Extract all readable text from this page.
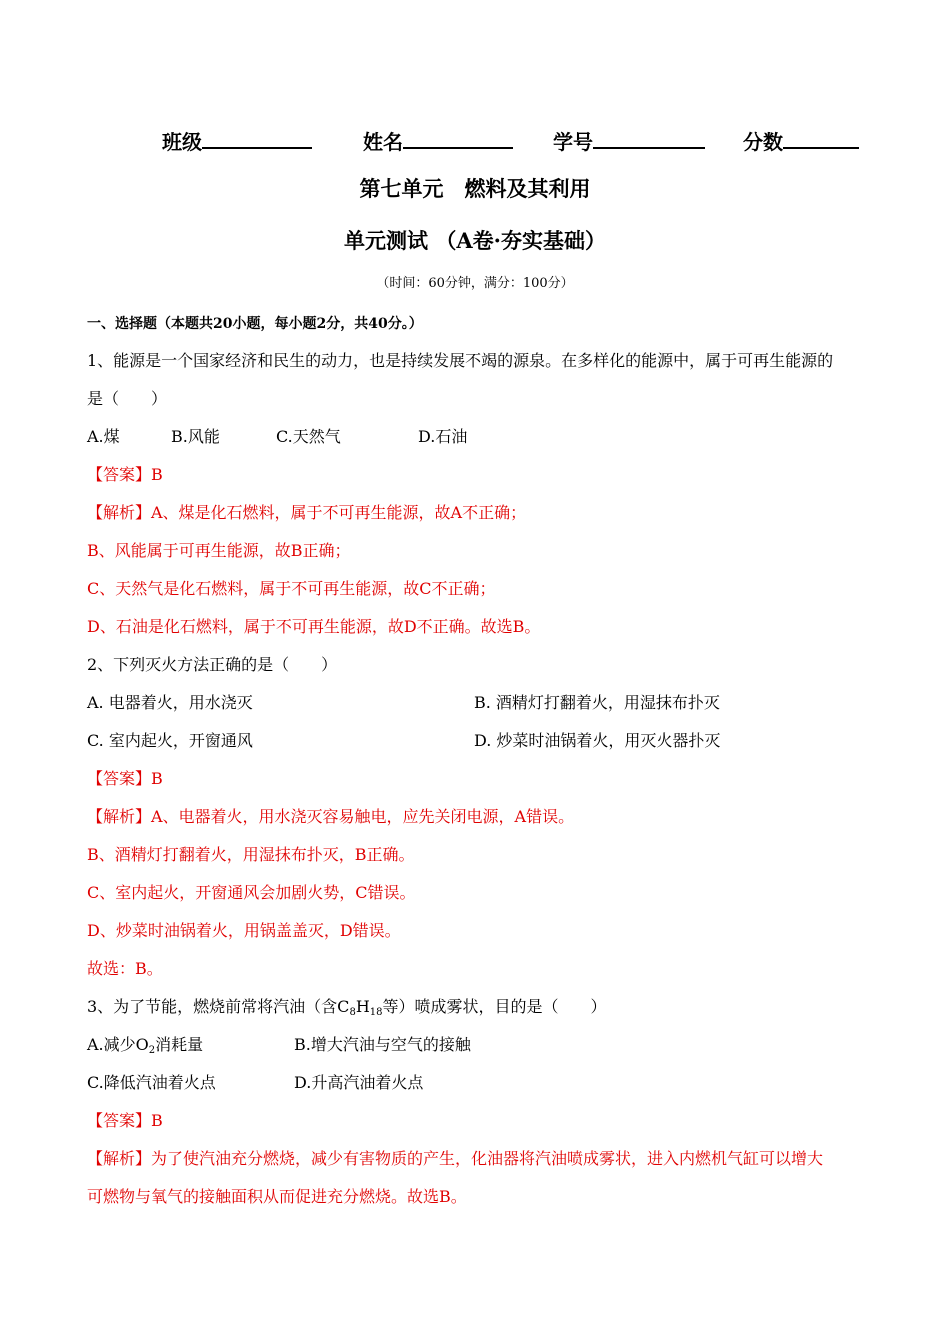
班级	姓名	学号	分数
第七单元　燃料及其利用
单元测试 （A卷·夯实基础）
（时间：60分钟，满分：100分）
一、选择题（本题共20小题，每小题2分，共40分。）
1、能源是一个国家经济和民生的动力，也是持续发展不竭的源泉。在多样化的能源中，属于可再生能源的
是（　　）
A.煤	B.风能	C.天然气	D.石油
【答案】B
【解析】A、煤是化石燃料，属于不可再生能源，故A不正确；
B、风能属于可再生能源，故B正确；
C、天然气是化石燃料，属于不可再生能源，故C不正确；
D、石油是化石燃料，属于不可再生能源，故D不正确。故选B。
2、下列灭火方法正确的是（　　）
A. 电器着火，用水浇灭	B. 酒精灯打翻着火，用湿抹布扑灭
C. 室内起火，开窗通风	D. 炒菜时油锅着火，用灭火器扑灭
【答案】B
【解析】A、电器着火，用水浇灭容易触电，应先关闭电源，A错误。
B、酒精灯打翻着火，用湿抹布扑灭，B正确。
C、室内起火，开窗通风会加剧火势，C错误。
D、炒菜时油锅着火，用锅盖盖灭，D错误。
故选：B。
3、为了节能，燃烧前常将汽油（含$C_8H_{18}$等）喷成雾状，目的是（　　）
A.减少$O_2$消耗量	B.增大汽油与空气的接触
C.降低汽油着火点	D.升高汽油着火点
【答案】B
【解析】为了使汽油充分燃烧，减少有害物质的产生，化油器将汽油喷成雾状，进入内燃机气缸可以增大
可燃物与氧气的接触面积从而促进充分燃烧。故选B。
